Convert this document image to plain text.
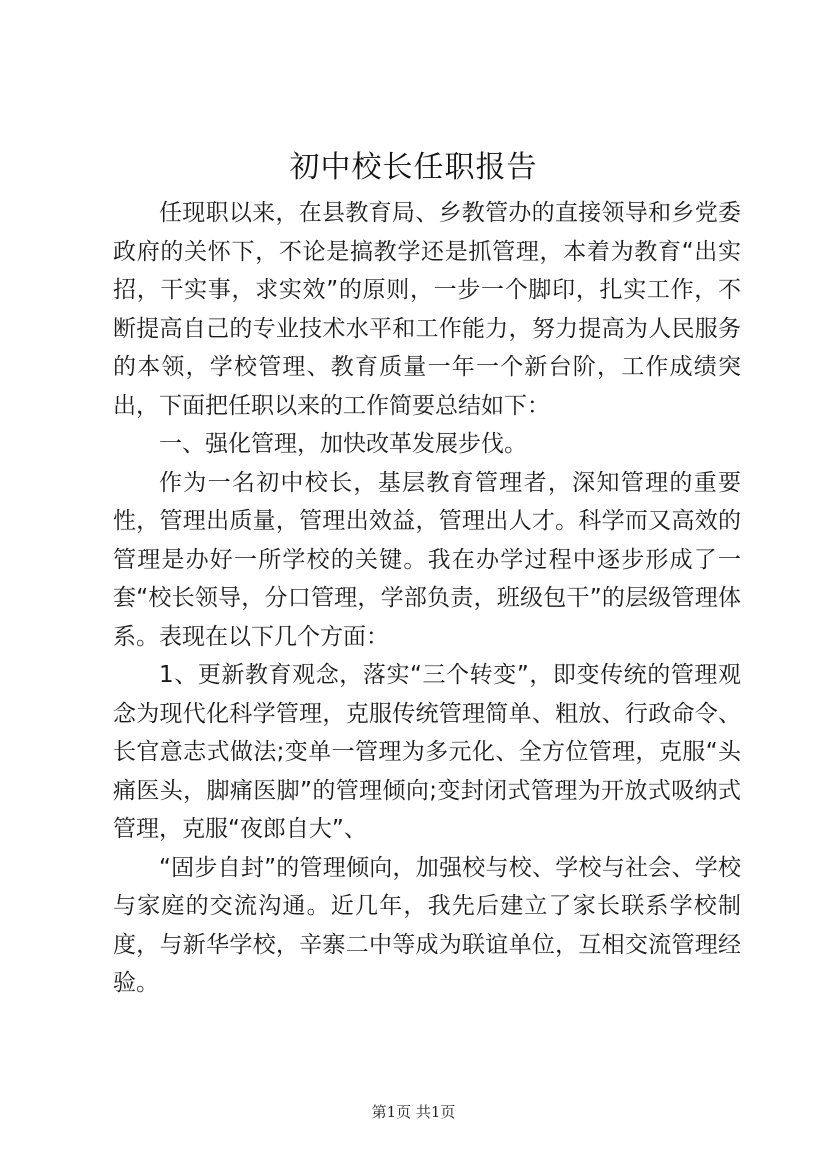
初中校长任职报告

任现职以来，在县教育局、乡教管办的直接领导和乡党委政府的关怀下，不论是搞教学还是抓管理，本着为教育“出实招，干实事，求实效”的原则，一步一个脚印，扎实工作，不断提高自己的专业技术水平和工作能力，努力提高为人民服务的本领，学校管理、教育质量一年一个新台阶，工作成绩突出，下面把任职以来的工作简要总结如下：

一、强化管理，加快改革发展步伐。

作为一名初中校长，基层教育管理者，深知管理的重要性，管理出质量，管理出效益，管理出人才。科学而又高效的管理是办好一所学校的关键。我在办学过程中逐步形成了一套“校长领导，分口管理，学部负责，班级包干”的层级管理体系。表现在以下几个方面：

1、更新教育观念，落实“三个转变”，即变传统的管理观念为现代化科学管理，克服传统管理简单、粗放、行政命令、长官意志式做法;变单一管理为多元化、全方位管理，克服“头痛医头，脚痛医脚”的管理倾向;变封闭式管理为开放式吸纳式管理，克服“夜郎自大”、

“固步自封”的管理倾向，加强校与校、学校与社会、学校与家庭的交流沟通。近几年，我先后建立了家长联系学校制度，与新华学校，辛寨二中等成为联谊单位，互相交流管理经验。

第1页 共1页
